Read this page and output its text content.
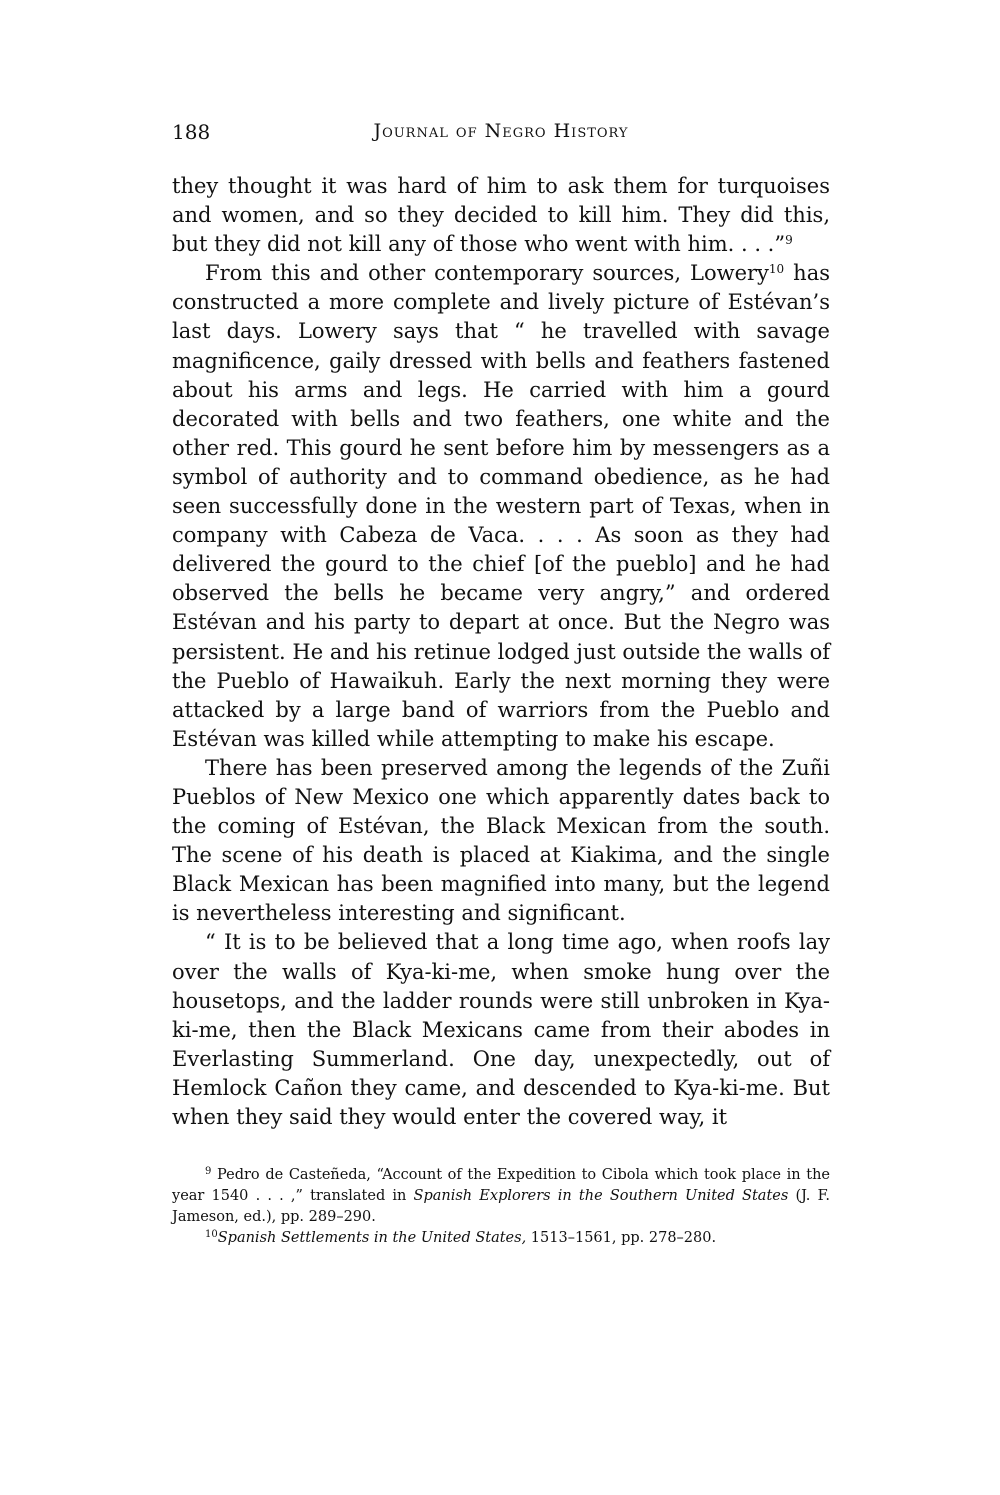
188	Journal of Negro History

they thought it was hard of him to ask them for turquoises and women, and so they decided to kill him. They did this, but they did not kill any of those who went with him. . . .”$^9$

From this and other contemporary sources, Lowery$^{10}$ has constructed a more complete and lively picture of Estévan’s last days. Lowery says that “ he travelled with savage magnificence, gaily dressed with bells and feathers fastened about his arms and legs. He carried with him a gourd decorated with bells and two feathers, one white and the other red. This gourd he sent before him by messengers as a symbol of authority and to command obedience, as he had seen successfully done in the western part of Texas, when in company with Cabeza de Vaca. . . . As soon as they had delivered the gourd to the chief [of the pueblo] and he had observed the bells he became very angry,” and ordered Estévan and his party to depart at once. But the Negro was persistent. He and his retinue lodged just outside the walls of the Pueblo of Hawaikuh. Early the next morning they were attacked by a large band of warriors from the Pueblo and Estévan was killed while attempting to make his escape.

There has been preserved among the legends of the Zuñi Pueblos of New Mexico one which apparently dates back to the coming of Estévan, the Black Mexican from the south. The scene of his death is placed at Kiakima, and the single Black Mexican has been magnified into many, but the legend is nevertheless interesting and significant.

“ It is to be believed that a long time ago, when roofs lay over the walls of Kya-ki-me, when smoke hung over the housetops, and the ladder rounds were still unbroken in Kya-ki-me, then the Black Mexicans came from their abodes in Everlasting Summerland. One day, unexpectedly, out of Hemlock Cañon they came, and descended to Kya-ki-me. But when they said they would enter the covered way, it

$^9$ Pedro de Casteñeda, “Account of the Expedition to Cibola which took place in the year 1540 . . . ,” translated in Spanish Explorers in the Southern United States (J. F. Jameson, ed.), pp. 289–290.

$^{10}$Spanish Settlements in the United States, 1513–1561, pp. 278–280.
